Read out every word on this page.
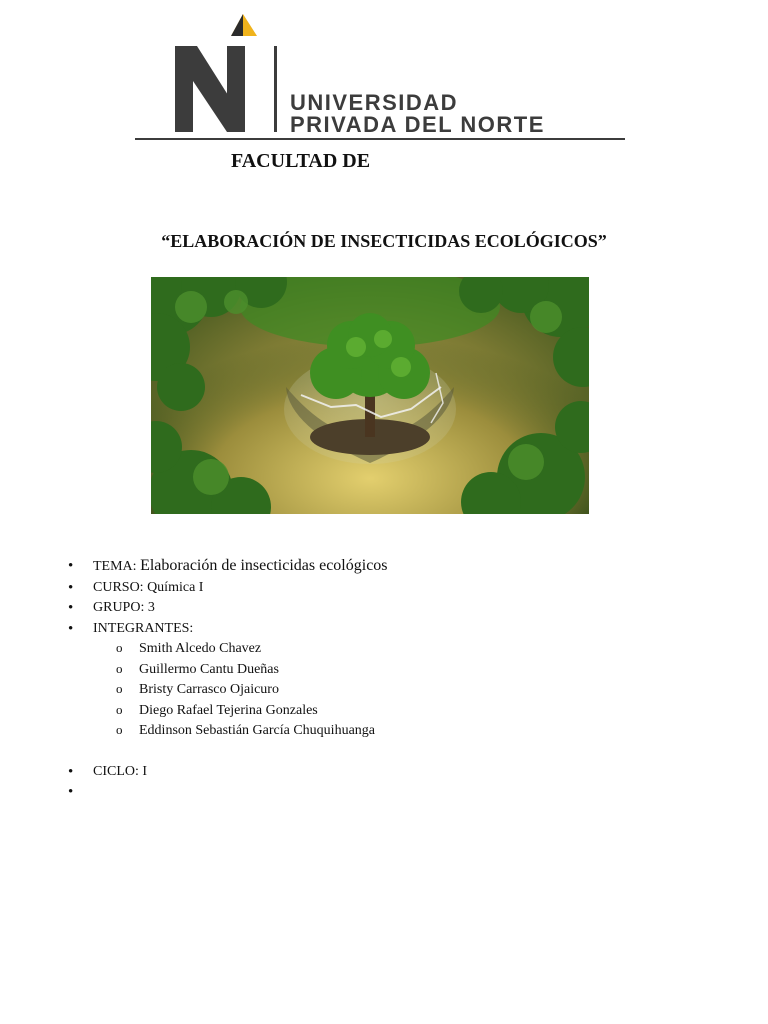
UNIVERSIDAD
PRIVADA DEL NORTE
FACULTAD DE
“ELABORACIÓN DE INSECTICIDAS ECOLÓGICOS”
• TEMA: Elaboración de insecticidas ecológicos
• CURSO: Química I
• GRUPO: 3
• INTEGRANTES:
o Smith Alcedo Chavez
o Guillermo Cantu Dueñas
o Bristy Carrasco Ojaicuro
o Diego Rafael Tejerina Gonzales
o Eddinson Sebastián García Chuquihuanga
• CICLO: I
